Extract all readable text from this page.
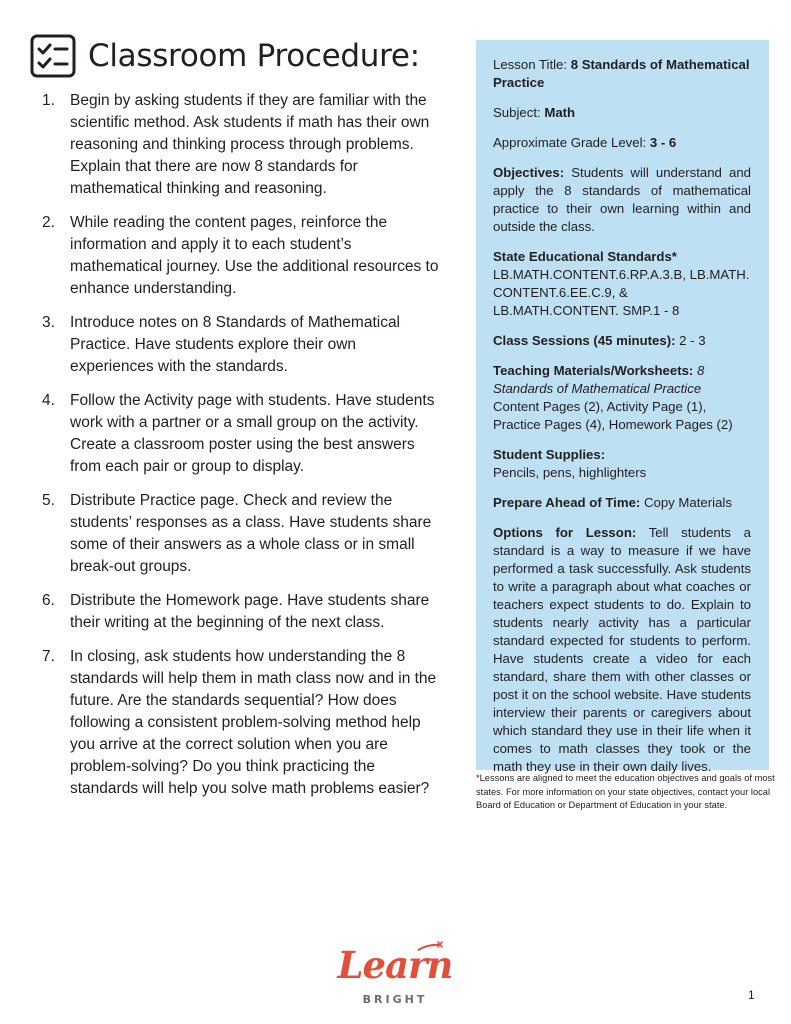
Classroom Procedure:
1. Begin by asking students if they are familiar with the scientific method. Ask students if math has their own reasoning and thinking process through problems. Explain that there are now 8 standards for mathematical thinking and reasoning.
2. While reading the content pages, reinforce the information and apply it to each student’s mathematical journey. Use the additional resources to enhance understanding.
3. Introduce notes on 8 Standards of Mathematical Practice. Have students explore their own experiences with the standards.
4. Follow the Activity page with students. Have students work with a partner or a small group on the activity. Create a classroom poster using the best answers from each pair or group to display.
5. Distribute Practice page. Check and review the students’ responses as a class. Have students share some of their answers as a whole class or in small break-out groups.
6. Distribute the Homework page. Have students share their writing at the beginning of the next class.
7. In closing, ask students how understanding the 8 standards will help them in math class now and in the future. Are the standards sequential? How does following a consistent problem-solving method help you arrive at the correct solution when you are problem-solving? Do you think practicing the standards will help you solve math problems easier?

Lesson Title: 8 Standards of Mathematical Practice

Subject: Math

Approximate Grade Level: 3 - 6

Objectives: Students will understand and apply the 8 standards of mathematical practice to their own learning within and outside the class.

State Educational Standards*
LB.MATH.CONTENT.6.RP.A.3.B, LB.MATH. CONTENT.6.EE.C.9, & LB.MATH.CONTENT. SMP.1 - 8

Class Sessions (45 minutes): 2 - 3

Teaching Materials/Worksheets: 8 Standards of Mathematical Practice Content Pages (2), Activity Page (1), Practice Pages (4), Homework Pages (2)

Student Supplies:
Pencils, pens, highlighters

Prepare Ahead of Time: Copy Materials

Options for Lesson: Tell students a standard is a way to measure if we have performed a task successfully. Ask students to write a paragraph about what coaches or teachers expect students to do. Explain to students nearly activity has a particular standard expected for students to perform. Have students create a video for each standard, share them with other classes or post it on the school website. Have students interview their parents or caregivers about which standard they use in their life when it comes to math classes they took or the math they use in their own daily lives.

*Lessons are aligned to meet the education objectives and goals of most states. For more information on your state objectives, contact your local Board of Education or Department of Education in your state.

Learn
BRIGHT	1
